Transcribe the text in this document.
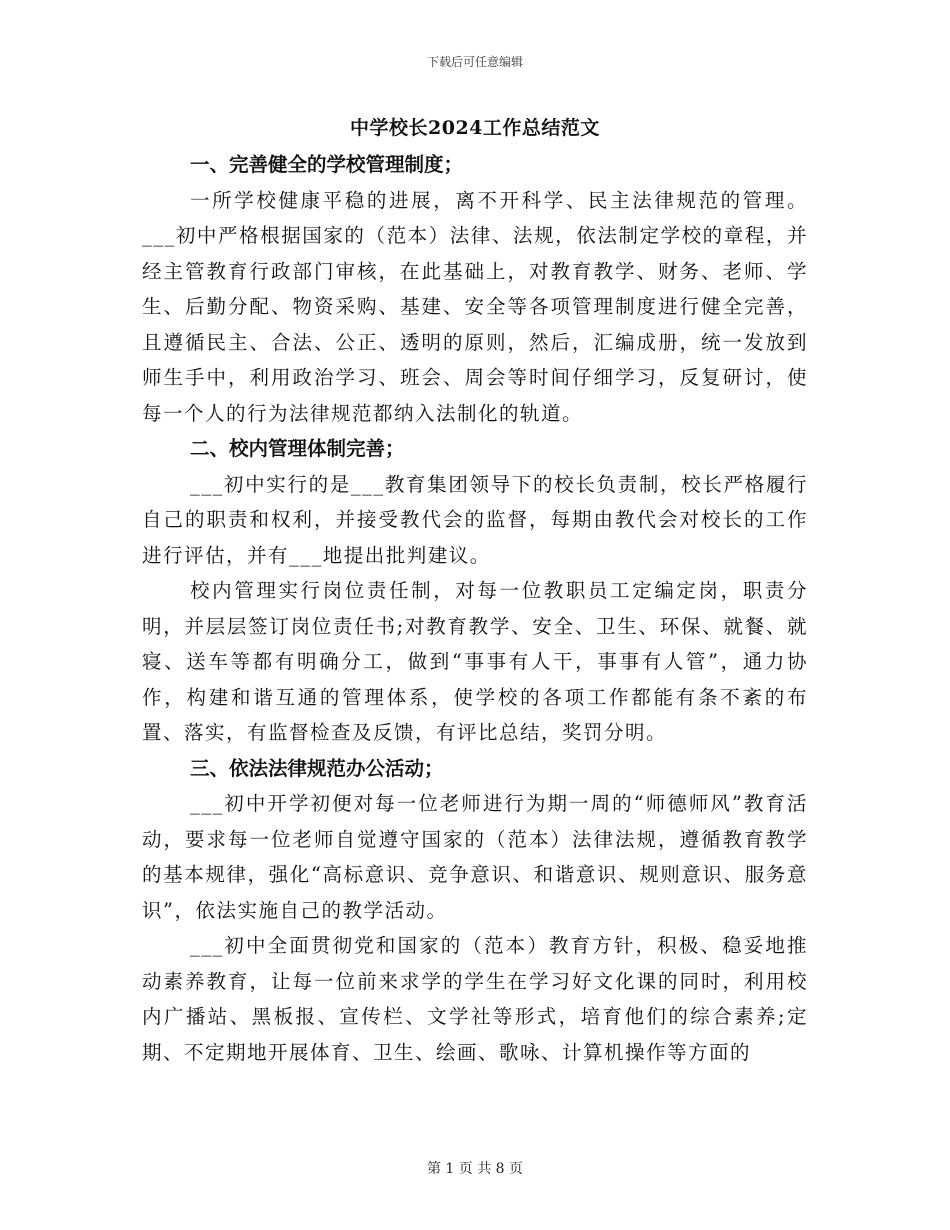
下载后可任意编辑
中学校长2024工作总结范文

一、完善健全的学校管理制度；

一所学校健康平稳的进展，离不开科学、民主法律规范的管理。___初中严格根据国家的（范本）法律、法规，依法制定学校的章程，并经主管教育行政部门审核，在此基础上，对教育教学、财务、老师、学生、后勤分配、物资采购、基建、安全等各项管理制度进行健全完善，且遵循民主、合法、公正、透明的原则，然后，汇编成册，统一发放到师生手中，利用政治学习、班会、周会等时间仔细学习，反复研讨，使每一个人的行为法律规范都纳入法制化的轨道。

二、校内管理体制完善；

___初中实行的是___教育集团领导下的校长负责制，校长严格履行自己的职责和权利，并接受教代会的监督，每期由教代会对校长的工作进行评估，并有___地提出批判建议。

校内管理实行岗位责任制，对每一位教职员工定编定岗，职责分明，并层层签订岗位责任书;对教育教学、安全、卫生、环保、就餐、就寝、送车等都有明确分工，做到“事事有人干，事事有人管”，通力协作，构建和谐互通的管理体系，使学校的各项工作都能有条不紊的布置、落实，有监督检查及反馈，有评比总结，奖罚分明。

三、依法法律规范办公活动；

___初中开学初便对每一位老师进行为期一周的“师德师风”教育活动，要求每一位老师自觉遵守国家的（范本）法律法规，遵循教育教学的基本规律，强化“高标意识、竞争意识、和谐意识、规则意识、服务意识”，依法实施自己的教学活动。

___初中全面贯彻党和国家的（范本）教育方针，积极、稳妥地推动素养教育，让每一位前来求学的学生在学习好文化课的同时，利用校内广播站、黑板报、宣传栏、文学社等形式，培育他们的综合素养;定期、不定期地开展体育、卫生、绘画、歌咏、计算机操作等方面的

第 1 页 共 8 页
